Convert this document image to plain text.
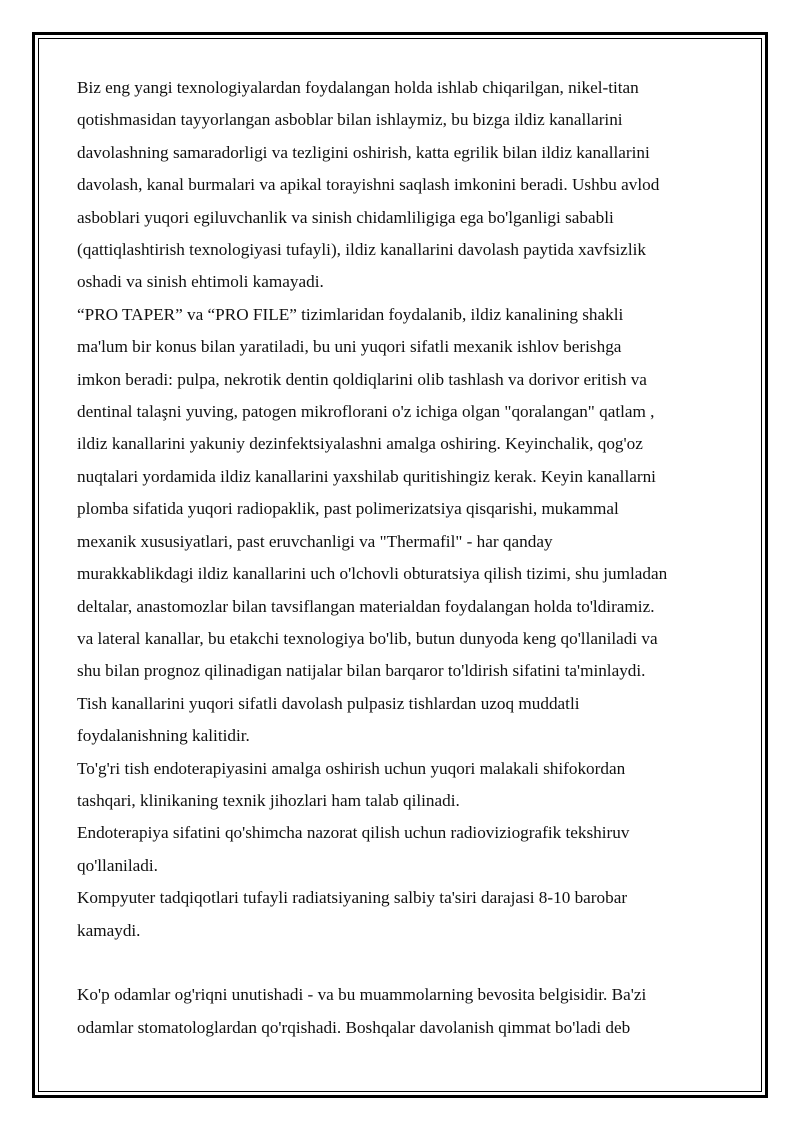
Biz eng yangi texnologiyalardan foydalangan holda ishlab chiqarilgan, nikel-titan

qotishmasidan tayyorlangan asboblar bilan ishlaymiz, bu bizga ildiz kanallarini

davolashning samaradorligi va tezligini oshirish, katta egrilik bilan ildiz kanallarini

davolash, kanal burmalari va apikal torayishni saqlash imkonini beradi. Ushbu avlod

asboblari yuqori egiluvchanlik va sinish chidamliligiga ega bo'lganligi sababli

(qattiqlashtirish texnologiyasi tufayli), ildiz kanallarini davolash paytida xavfsizlik

oshadi va sinish ehtimoli kamayadi.

“PRO TAPER” va “PRO FILE” tizimlaridan foydalanib, ildiz kanalining shakli

ma'lum bir konus bilan yaratiladi, bu uni yuqori sifatli mexanik ishlov berishga

imkon beradi: pulpa, nekrotik dentin qoldiqlarini olib tashlash va dorivor eritish va

dentinal talaşni yuving, patogen mikroflorani o'z ichiga olgan "qoralangan" qatlam ,

ildiz kanallarini yakuniy dezinfektsiyalashni amalga oshiring. Keyinchalik, qog'oz

nuqtalari yordamida ildiz kanallarini yaxshilab quritishingiz kerak. Keyin kanallarni

plomba sifatida yuqori radiopaklik, past polimerizatsiya qisqarishi, mukammal

mexanik xususiyatlari, past eruvchanligi va "Thermafil" - har qanday

murakkablikdagi ildiz kanallarini uch o'lchovli obturatsiya qilish tizimi, shu jumladan

deltalar, anastomozlar bilan tavsiflangan materialdan foydalangan holda to'ldiramiz.

va lateral kanallar, bu etakchi texnologiya bo'lib, butun dunyoda keng qo'llaniladi va

shu bilan prognoz qilinadigan natijalar bilan barqaror to'ldirish sifatini ta'minlaydi.

Tish kanallarini yuqori sifatli davolash pulpasiz tishlardan uzoq muddatli

foydalanishning kalitidir.

To'g'ri tish endoterapiyasini amalga oshirish uchun yuqori malakali shifokordan

tashqari, klinikaning texnik jihozlari ham talab qilinadi.

Endoterapiya sifatini qo'shimcha nazorat qilish uchun radioviziografik tekshiruv

qo'llaniladi.

Kompyuter tadqiqotlari tufayli radiatsiyaning salbiy ta'siri darajasi 8-10 barobar

kamaydi.

Ko'p odamlar og'riqni unutishadi - va bu muammolarning bevosita belgisidir. Ba'zi

odamlar stomatologlardan qo'rqishadi. Boshqalar davolanish qimmat bo'ladi deb
